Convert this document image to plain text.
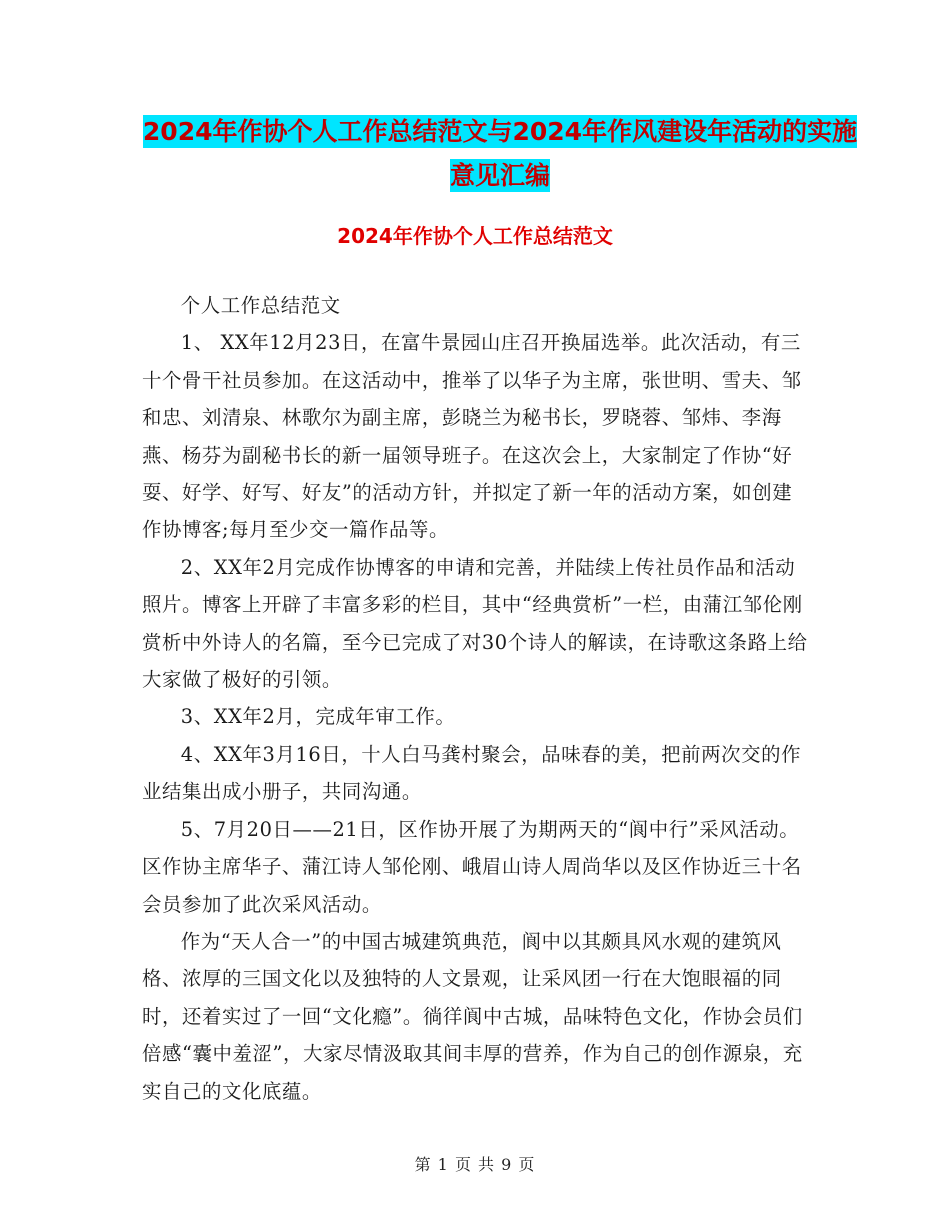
2024年作协个人工作总结范文与2024年作风建设年活动的实施意见汇编
2024年作协个人工作总结范文

个人工作总结范文

1、 XX年12月23日，在富牛景园山庄召开换届选举。此次活动，有三十个骨干社员参加。在这活动中，推举了以华子为主席，张世明、雪夫、邹和忠、刘清泉、林歌尔为副主席，彭晓兰为秘书长，罗晓蓉、邹炜、李海燕、杨芬为副秘书长的新一届领导班子。在这次会上，大家制定了作协“好耍、好学、好写、好友”的活动方针，并拟定了新一年的活动方案，如创建作协博客;每月至少交一篇作品等。

2、XX年2月完成作协博客的申请和完善，并陆续上传社员作品和活动照片。博客上开辟了丰富多彩的栏目，其中“经典赏析”一栏，由蒲江邹伦刚赏析中外诗人的名篇，至今已完成了对30个诗人的解读，在诗歌这条路上给大家做了极好的引领。

3、XX年2月，完成年审工作。

4、XX年3月16日，十人白马龚村聚会，品味春的美，把前两次交的作业结集出成小册子，共同沟通。

5、7月20日——21日，区作协开展了为期两天的“阆中行”采风活动。区作协主席华子、蒲江诗人邹伦刚、峨眉山诗人周尚华以及区作协近三十名会员参加了此次采风活动。

作为“天人合一”的中国古城建筑典范，阆中以其颇具风水观的建筑风格、浓厚的三国文化以及独特的人文景观，让采风团一行在大饱眼福的同时，还着实过了一回“文化瘾”。徜徉阆中古城，品味特色文化，作协会员们倍感“囊中羞涩”，大家尽情汲取其间丰厚的营养，作为自己的创作源泉，充实自己的文化底蕴。

第 1 页 共 9 页
